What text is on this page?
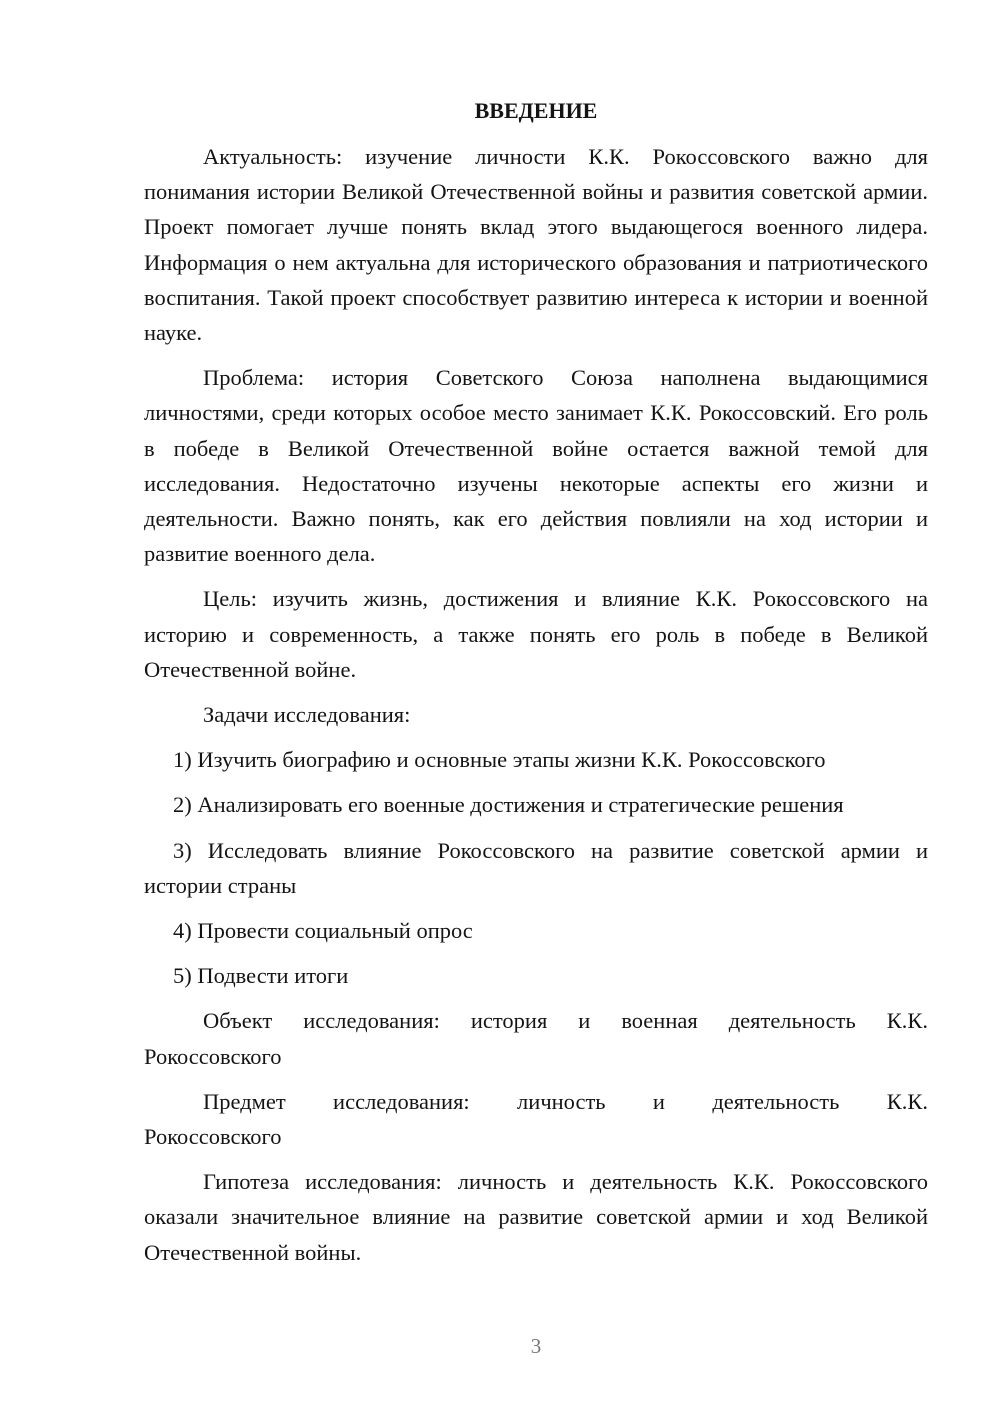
ВВЕДЕНИЕ

Актуальность: изучение личности К.К. Рокоссовского важно для понимания истории Великой Отечественной войны и развития советской армии. Проект помогает лучше понять вклад этого выдающегося военного лидера. Информация о нем актуальна для исторического образования и патриотического воспитания. Такой проект способствует развитию интереса к истории и военной науке.

Проблема: история Советского Союза наполнена выдающимися личностями, среди которых особое место занимает К.К. Рокоссовский. Его роль в победе в Великой Отечественной войне остается важной темой для исследования. Недостаточно изучены некоторые аспекты его жизни и деятельности. Важно понять, как его действия повлияли на ход истории и развитие военного дела.

Цель: изучить жизнь, достижения и влияние К.К. Рокоссовского на историю и современность, а также понять его роль в победе в Великой Отечественной войне.

Задачи исследования:

1) Изучить биографию и основные этапы жизни К.К. Рокоссовского

2) Анализировать его военные достижения и стратегические решения

3) Исследовать влияние Рокоссовского на развитие советской армии и истории страны

4) Провести социальный опрос

5) Подвести итоги

Объект исследования: история и военная деятельность К.К.
Рокоссовского

Предмет исследования: личность и деятельность К.К.
Рокоссовского

Гипотеза исследования: личность и деятельность К.К. Рокоссовского оказали значительное влияние на развитие советской армии и ход Великой Отечественной войны.

3
